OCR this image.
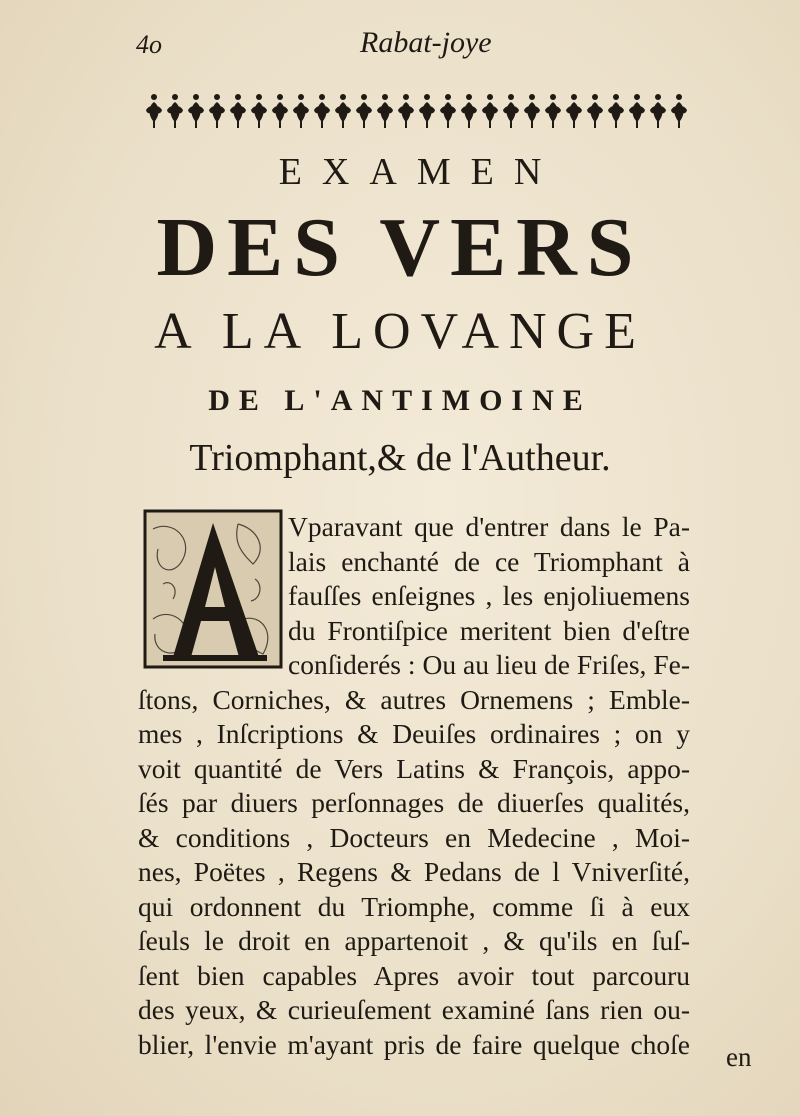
4o	Rabat-joye
EXAMEN
DES VERS
A LA LOVANGE
DE L'ANTIMOINE
Triomphant,& de l'Autheur.
Vparavant que d'entrer dans le Pa-
lais enchanté de ce Triomphant à
fauſſes enſeignes , les enjoliuemens
du Frontiſpice meritent bien d'eſtre
conſiderés : Ou au lieu de Friſes, Fe-
ſtons, Corniches, & autres Ornemens ; Emble-
mes , Inſcriptions & Deuiſes ordinaires ; on y
voit quantité de Vers Latins & François, appo-
ſés par diuers perſonnages de diuerſes qualités,
& conditions , Docteurs en Medecine , Moi-
nes, Poëtes , Regens & Pedans de l Vniverſité,
qui ordonnent du Triomphe, comme ſi à eux
ſeuls le droit en appartenoit , & qu'ils en ſuſ-
ſent bien capables Apres avoir tout parcouru
des yeux, & curieuſement examiné ſans rien ou-
blier, l'envie m'ayant pris de faire quelque choſe en
